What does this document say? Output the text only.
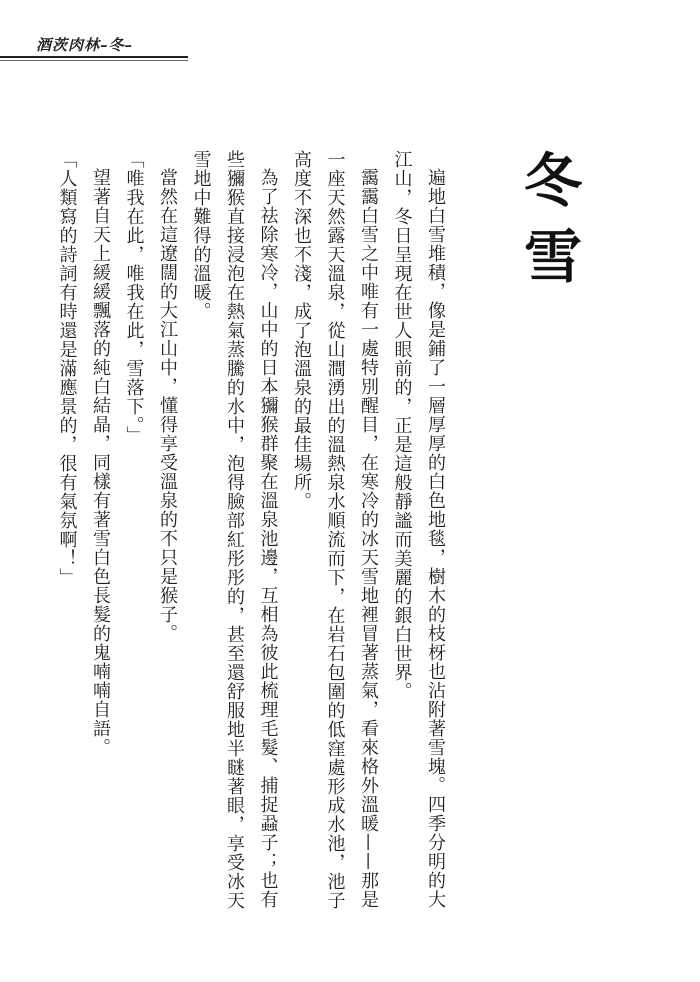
酒茨肉林–冬–
冬雪

遍地白雪堆積，像是鋪了一層厚厚的白色地毯，樹木的枝枒也沾附著雪塊。四季分明的大江山，冬日呈現在世人眼前的，正是這般靜謐而美麗的銀白世界。

靄靄白雪之中唯有一處特別醒目，在寒冷的冰天雪地裡冒著蒸氣，看來格外溫暖——那是一座天然露天溫泉，從山澗湧出的溫熱泉水順流而下，在岩石包圍的低窪處形成水池，池子高度不深也不淺，成了泡溫泉的最佳場所。

為了祛除寒冷，山中的日本獼猴群聚在溫泉池邊，互相為彼此梳理毛髮、捕捉蝨子；也有些獼猴直接浸泡在熱氣蒸騰的水中，泡得臉部紅彤彤的，甚至還舒服地半瞇著眼，享受冰天雪地中難得的溫暖。

當然在這遼闊的大江山中，懂得享受溫泉的不只是猴子。

「唯我在此，唯我在此，雪落下。」

望著自天上緩緩飄落的純白結晶，同樣有著雪白色長髮的鬼喃喃自語。

「人類寫的詩詞有時還是滿應景的，很有氣氛啊！」
